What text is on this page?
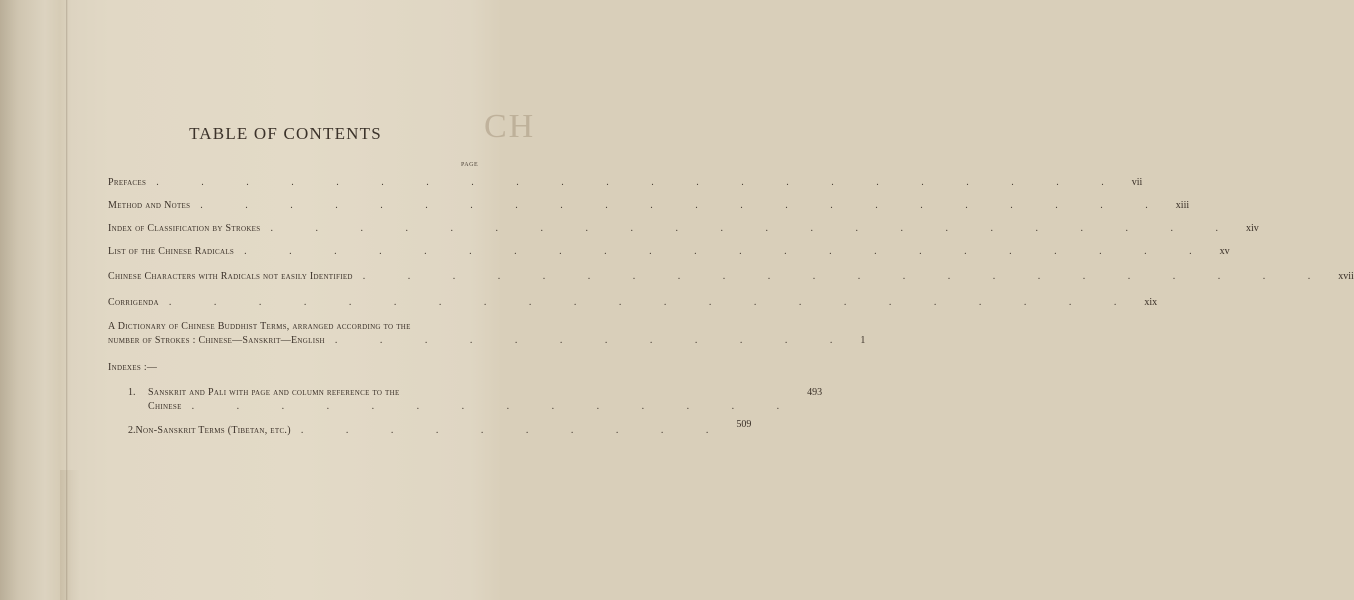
CH
TABLE OF CONTENTS
PAGE
Prefaces . . . . . . . . . . . . . . . . . . . . . . vii
Method and Notes . . . . . . . . . . . . . . . . . . . . . . xiii
Index of Classification by Strokes . . . . . . . . . . . . . . . . . . . . . . xiv
List of the Chinese Radicals . . . . . . . . . . . . . . . . . . . . . . xv
Chinese Characters with Radicals not easily Identified . . . . . . . . . . . . . . . . . . . . . . xvii
Corrigenda . . . . . . . . . . . . . . . . . . . . . . xix
A Dictionary of Chinese Buddhist Terms, arranged according to the
number of Strokes : Chinese—Sanskrit—English . . . . . . . . . . . . 1
Indexes :—
1. Sanskrit and Pali with page and column reference to the
Chinese . . . . . . . . . . . . . .
493
2. Non-Sanskrit Terms (Tibetan, etc.) . . . . . . . . . .
509
